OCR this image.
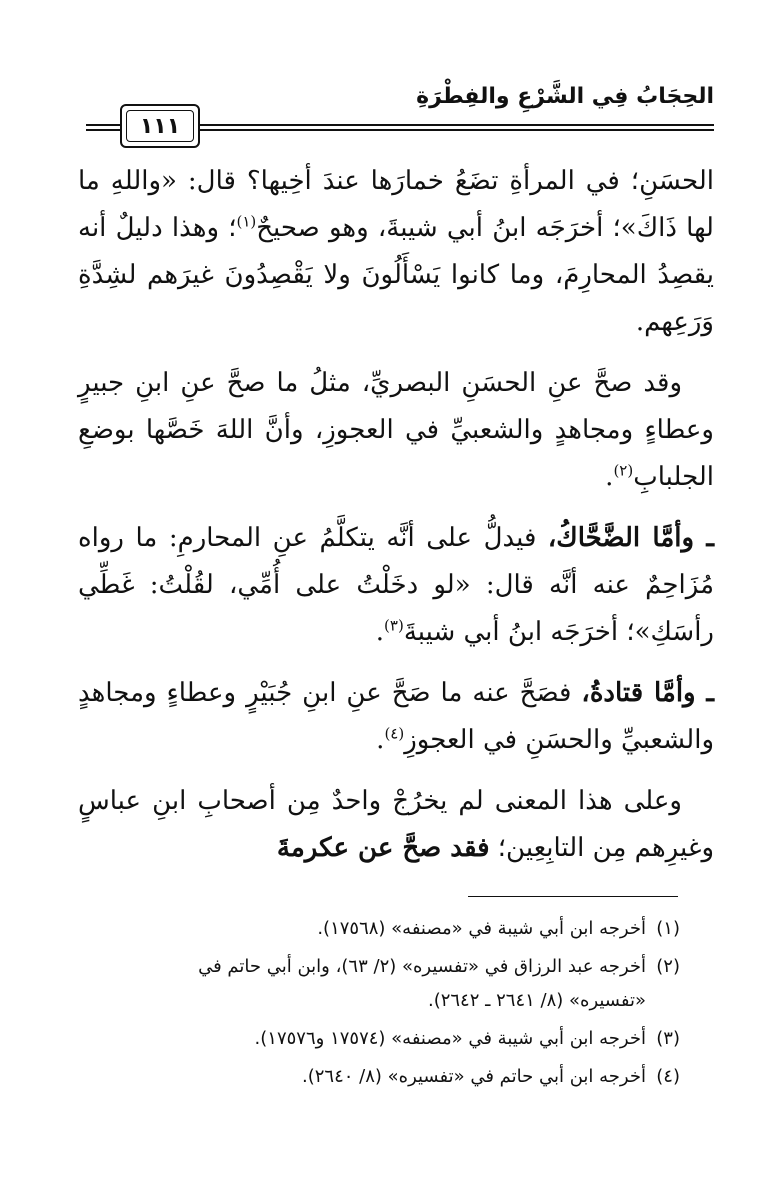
الحِجَابُ فِي الشَّرْعِ والفِطْرَةِ
١١١

الحسَنِ؛ في المرأةِ تضَعُ خمارَها عندَ أخِيها؟ قال: «واللهِ ما لها ذَاكَ»؛ أخرَجَه ابنُ أبي شيبةَ، وهو صحيحٌ$^{(١)}$؛ وهذا دليلٌ أنه يقصِدُ المحارِمَ، وما كانوا يَسْأَلُونَ ولا يَقْصِدُونَ غيرَهم لشِدَّةِ وَرَعِهم.

وقد صحَّ عنِ الحسَنِ البصريِّ، مثلُ ما صحَّ عنِ ابنِ جبيرٍ وعطاءٍ ومجاهدٍ والشعبيِّ في العجوزِ، وأنَّ اللهَ خَصَّها بوضعِ الجلبابِ$^{(٢)}$.

ـ وأمَّا الضَّحَّاكُ، فيدلُّ على أنَّه يتكلَّمُ عنِ المحارمِ: ما رواه مُزَاحِمٌ عنه أنَّه قال: «لو دخَلْتُ على أُمِّي، لقُلْتُ: غَطِّي رأسَكِ»؛ أخرَجَه ابنُ أبي شيبةَ$^{(٣)}$.

ـ وأمَّا قتادةُ، فصَحَّ عنه ما صَحَّ عنِ ابنِ جُبَيْرٍ وعطاءٍ ومجاهدٍ والشعبيِّ والحسَنِ في العجوزِ$^{(٤)}$.

وعلى هذا المعنى لم يخرُجْ واحدٌ مِن أصحابِ ابنِ عباسٍ وغيرِهم مِن التابِعِين؛ فقد صحَّ عن عكرمةَ

(١)أخرجه ابن أبي شيبة في «مصنفه» (١٧٥٦٨).
(٢)أخرجه عبد الرزاق في «تفسيره» (٢/ ٦٣)، وابن أبي حاتم في
«تفسيره» (٨/ ٢٦٤١ ـ ٢٦٤٢).
(٣)أخرجه ابن أبي شيبة في «مصنفه» (١٧٥٧٤ و١٧٥٧٦).
(٤)أخرجه ابن أبي حاتم في «تفسيره» (٨/ ٢٦٤٠).
